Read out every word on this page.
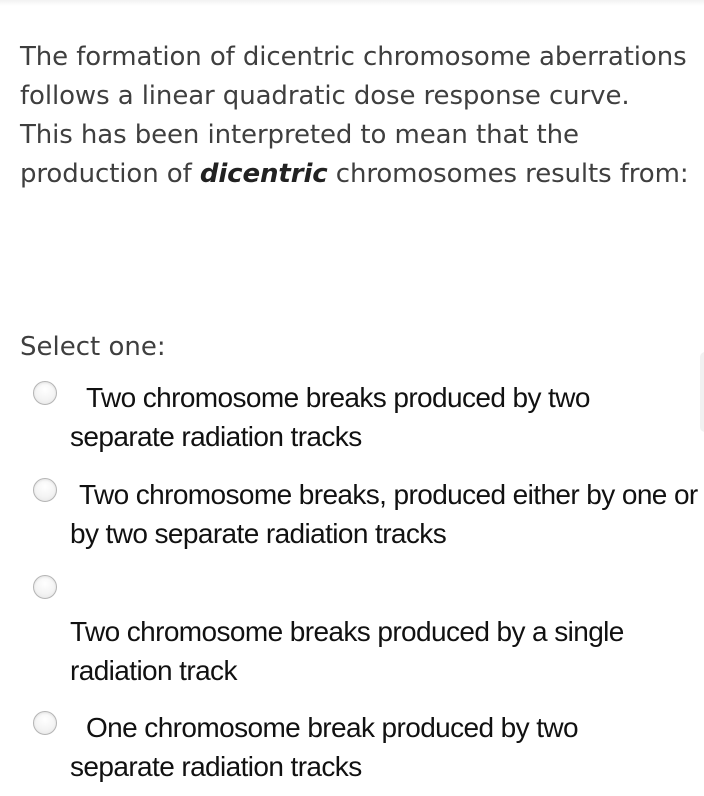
The formation of dicentric chromosome aberrations follows a linear quadratic dose response curve. This has been interpreted to mean that the production of dicentric chromosomes results from:
Select one:
Two chromosome breaks produced by two separate radiation tracks
Two chromosome breaks, produced either by one or by two separate radiation tracks
Two chromosome breaks produced by a single radiation track
One chromosome break produced by two separate radiation tracks
